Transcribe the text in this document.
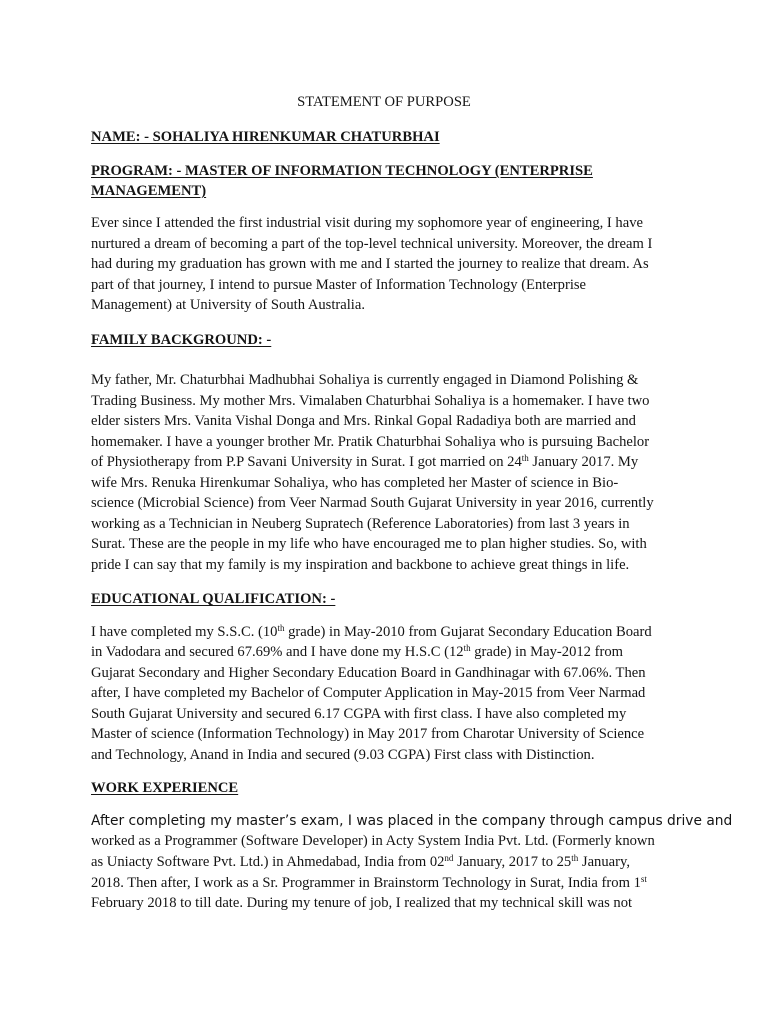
STATEMENT OF PURPOSE
NAME: - SOHALIYA HIRENKUMAR CHATURBHAI
PROGRAM: - MASTER OF INFORMATION TECHNOLOGY (ENTERPRISE
MANAGEMENT)
Ever since I attended the first industrial visit during my sophomore year of engineering, I have
nurtured a dream of becoming a part of the top-level technical university. Moreover, the dream I
had during my graduation has grown with me and I started the journey to realize that dream. As
part of that journey, I intend to pursue Master of Information Technology (Enterprise
Management) at University of South Australia.
FAMILY BACKGROUND: -
My father, Mr. Chaturbhai Madhubhai Sohaliya is currently engaged in Diamond Polishing &
Trading Business. My mother Mrs. Vimalaben Chaturbhai Sohaliya is a homemaker. I have two
elder sisters Mrs. Vanita Vishal Donga and Mrs. Rinkal Gopal Radadiya both are married and
homemaker. I have a younger brother Mr. Pratik Chaturbhai Sohaliya who is pursuing Bachelor
of Physiotherapy from P.P Savani University in Surat. I got married on 24th January 2017. My
wife Mrs. Renuka Hirenkumar Sohaliya, who has completed her Master of science in Bio-
science (Microbial Science) from Veer Narmad South Gujarat University in year 2016, currently
working as a Technician in Neuberg Supratech (Reference Laboratories) from last 3 years in
Surat. These are the people in my life who have encouraged me to plan higher studies. So, with
pride I can say that my family is my inspiration and backbone to achieve great things in life.
EDUCATIONAL QUALIFICATION: -
I have completed my S.S.C. (10th grade) in May-2010 from Gujarat Secondary Education Board
in Vadodara and secured 67.69% and I have done my H.S.C (12th grade) in May-2012 from
Gujarat Secondary and Higher Secondary Education Board in Gandhinagar with 67.06%. Then
after, I have completed my Bachelor of Computer Application in May-2015 from Veer Narmad
South Gujarat University and secured 6.17 CGPA with first class. I have also completed my
Master of science (Information Technology) in May 2017 from Charotar University of Science
and Technology, Anand in India and secured (9.03 CGPA) First class with Distinction.
WORK EXPERIENCE
After completing my master’s exam, I was placed in the company through campus drive and
worked as a Programmer (Software Developer) in Acty System India Pvt. Ltd. (Formerly known
as Uniacty Software Pvt. Ltd.) in Ahmedabad, India from 02nd January, 2017 to 25th January,
2018. Then after, I work as a Sr. Programmer in Brainstorm Technology in Surat, India from 1st
February 2018 to till date. During my tenure of job, I realized that my technical skill was not
